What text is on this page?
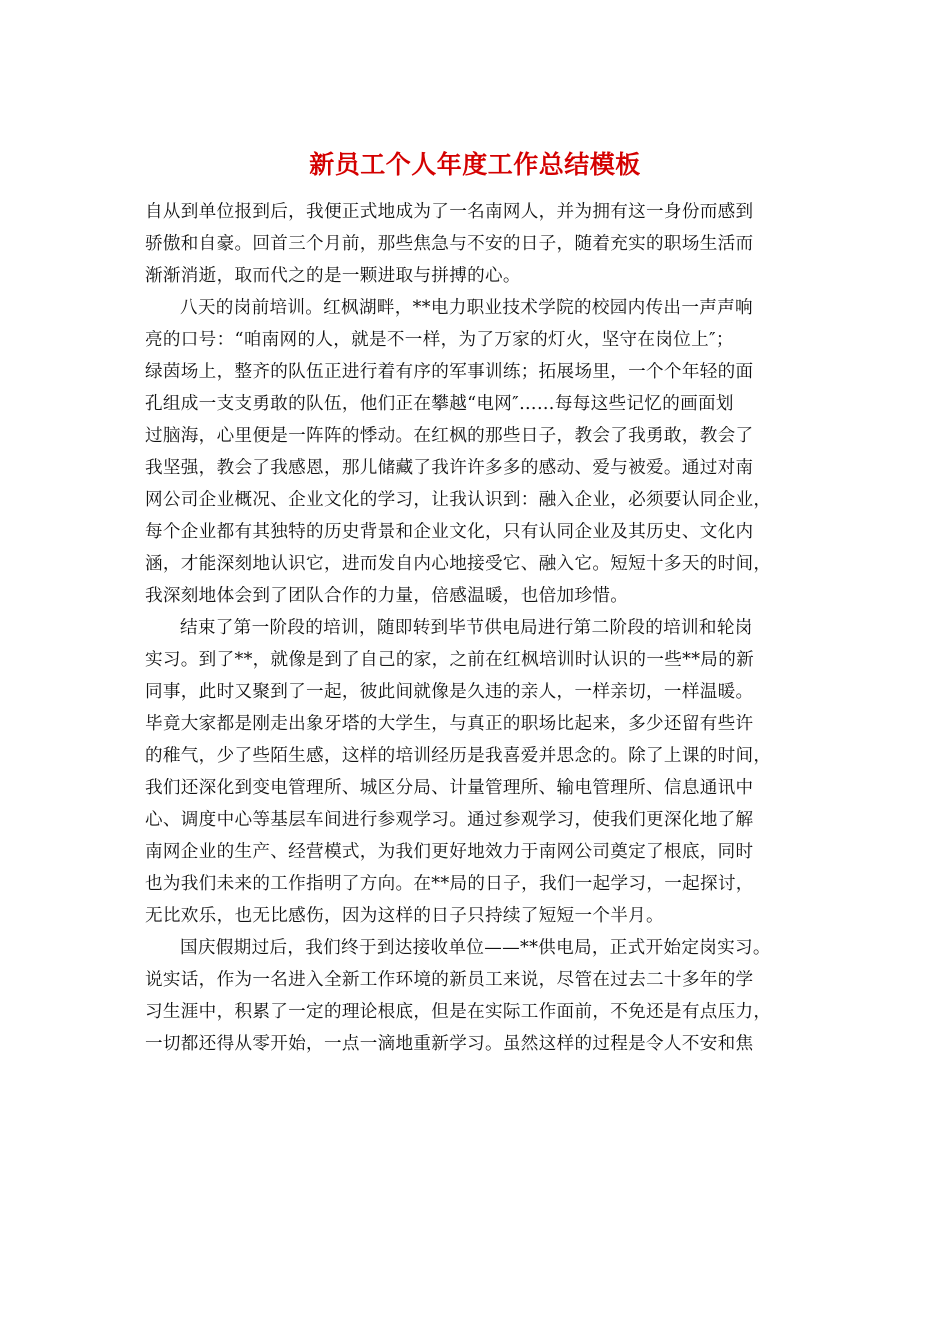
新员工个人年度工作总结模板
自从到单位报到后，我便正式地成为了一名南网人，并为拥有这一身份而感到
骄傲和自豪。回首三个月前，那些焦急与不安的日子，随着充实的职场生活而
渐渐消逝，取而代之的是一颗进取与拼搏的心。
八天的岗前培训。红枫湖畔，**电力职业技术学院的校园内传出一声声响
亮的口号：“咱南网的人，就是不一样，为了万家的灯火，坚守在岗位上″；
绿茵场上，整齐的队伍正进行着有序的军事训练；拓展场里，一个个年轻的面
孔组成一支支勇敢的队伍，他们正在攀越“电网″……每每这些记忆的画面划
过脑海，心里便是一阵阵的悸动。在红枫的那些日子，教会了我勇敢，教会了
我坚强，教会了我感恩，那儿储藏了我许许多多的感动、爱与被爱。通过对南
网公司企业概况、企业文化的学习，让我认识到：融入企业，必须要认同企业，
每个企业都有其独特的历史背景和企业文化，只有认同企业及其历史、文化内
涵，才能深刻地认识它，进而发自内心地接受它、融入它。短短十多天的时间，
我深刻地体会到了团队合作的力量，倍感温暖，也倍加珍惜。
结束了第一阶段的培训，随即转到毕节供电局进行第二阶段的培训和轮岗
实习。到了**，就像是到了自己的家，之前在红枫培训时认识的一些**局的新
同事，此时又聚到了一起，彼此间就像是久违的亲人，一样亲切，一样温暖。
毕竟大家都是刚走出象牙塔的大学生，与真正的职场比起来，多少还留有些许
的稚气，少了些陌生感，这样的培训经历是我喜爱并思念的。除了上课的时间，
我们还深化到变电管理所、城区分局、计量管理所、输电管理所、信息通讯中
心、调度中心等基层车间进行参观学习。通过参观学习，使我们更深化地了解
南网企业的生产、经营模式，为我们更好地效力于南网公司奠定了根底，同时
也为我们未来的工作指明了方向。在**局的日子，我们一起学习，一起探讨，
无比欢乐，也无比感伤，因为这样的日子只持续了短短一个半月。
国庆假期过后，我们终于到达接收单位——**供电局，正式开始定岗实习。
说实话，作为一名进入全新工作环境的新员工来说，尽管在过去二十多年的学
习生涯中，积累了一定的理论根底，但是在实际工作面前，不免还是有点压力，
一切都还得从零开始，一点一滴地重新学习。虽然这样的过程是令人不安和焦
